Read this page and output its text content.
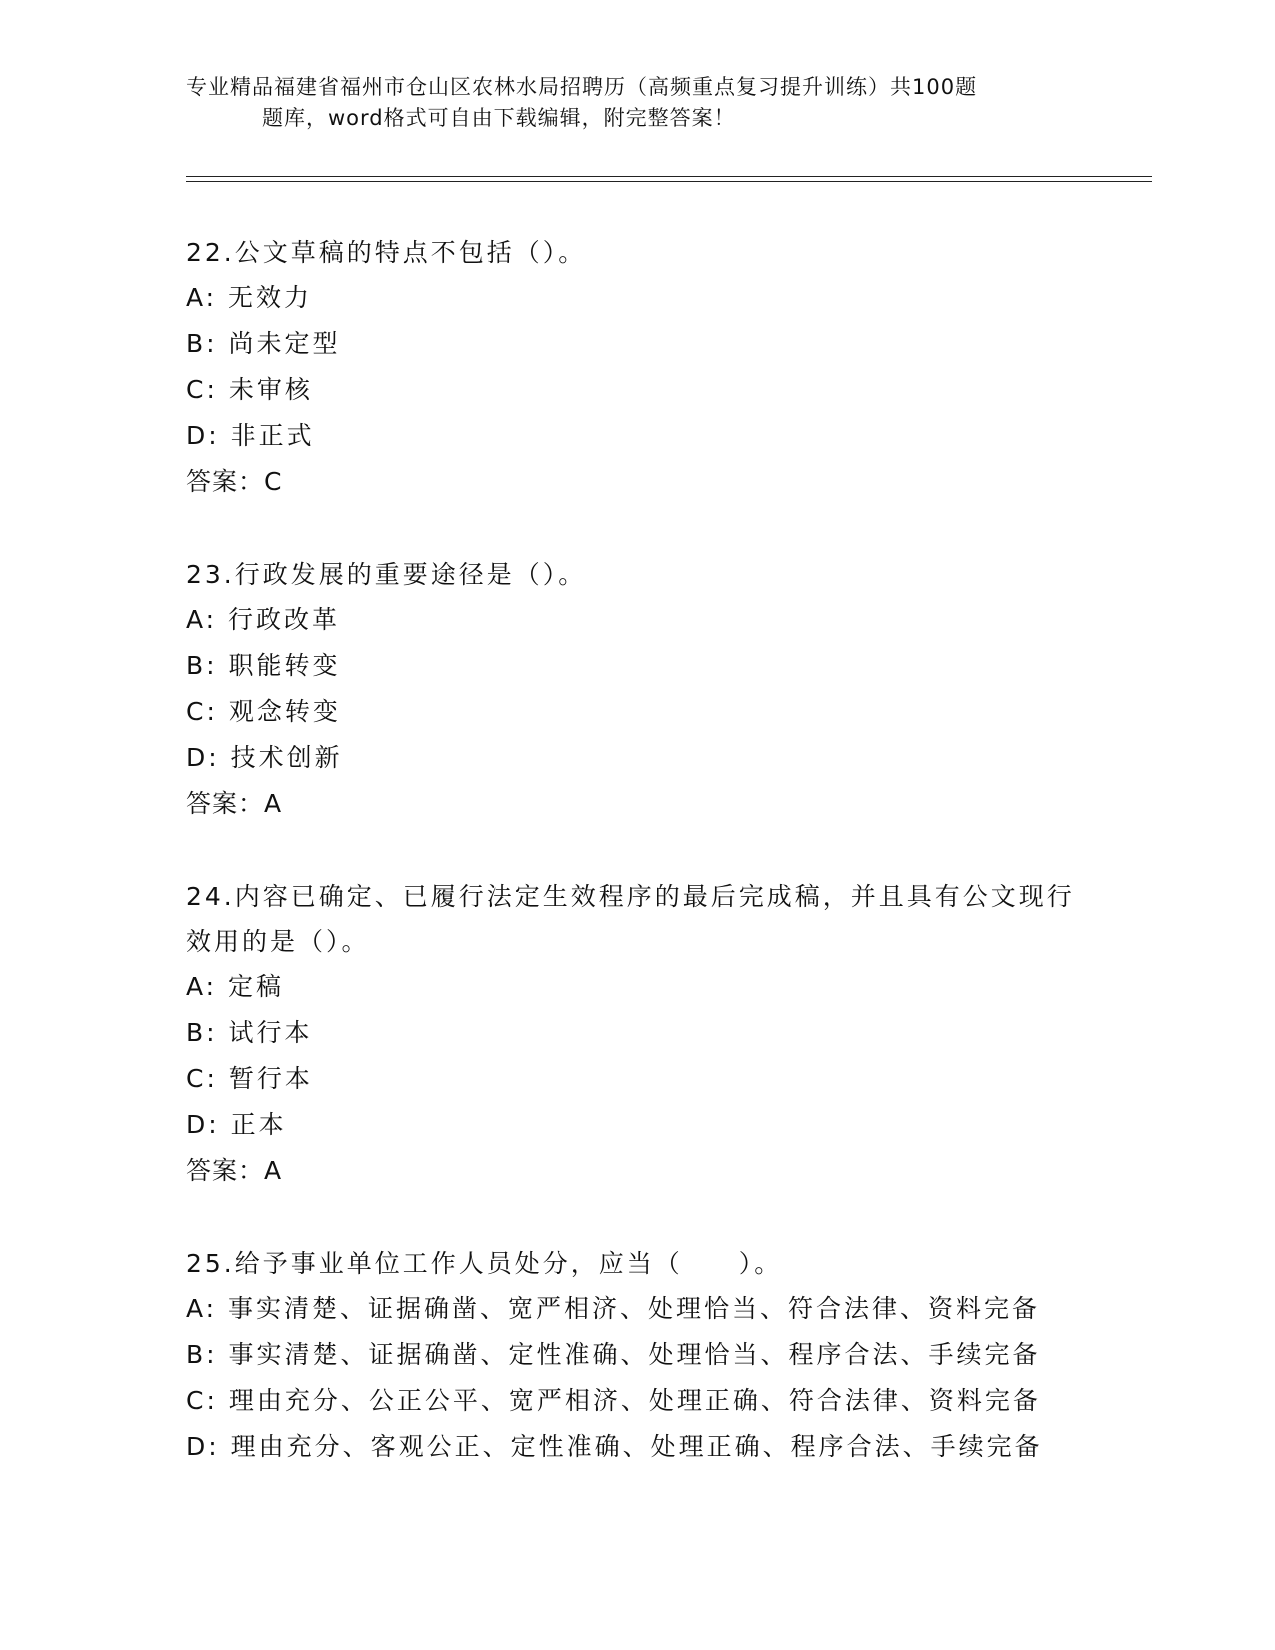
专业精品福建省福州市仓山区农林水局招聘历（高频重点复习提升训练）共100题
题库，word格式可自由下载编辑，附完整答案！
22.公文草稿的特点不包括（）。
A: 无效力
B: 尚未定型
C: 未审核
D: 非正式
答案：C
23.行政发展的重要途径是（）。
A: 行政改革
B: 职能转变
C: 观念转变
D: 技术创新
答案：A
24.内容已确定、已履行法定生效程序的最后完成稿，并且具有公文现行效用的是（）。
A: 定稿
B: 试行本
C: 暂行本
D: 正本
答案：A
25.给予事业单位工作人员处分，应当（　　）。
A: 事实清楚、证据确凿、宽严相济、处理恰当、符合法律、资料完备
B: 事实清楚、证据确凿、定性准确、处理恰当、程序合法、手续完备
C: 理由充分、公正公平、宽严相济、处理正确、符合法律、资料完备
D: 理由充分、客观公正、定性准确、处理正确、程序合法、手续完备
